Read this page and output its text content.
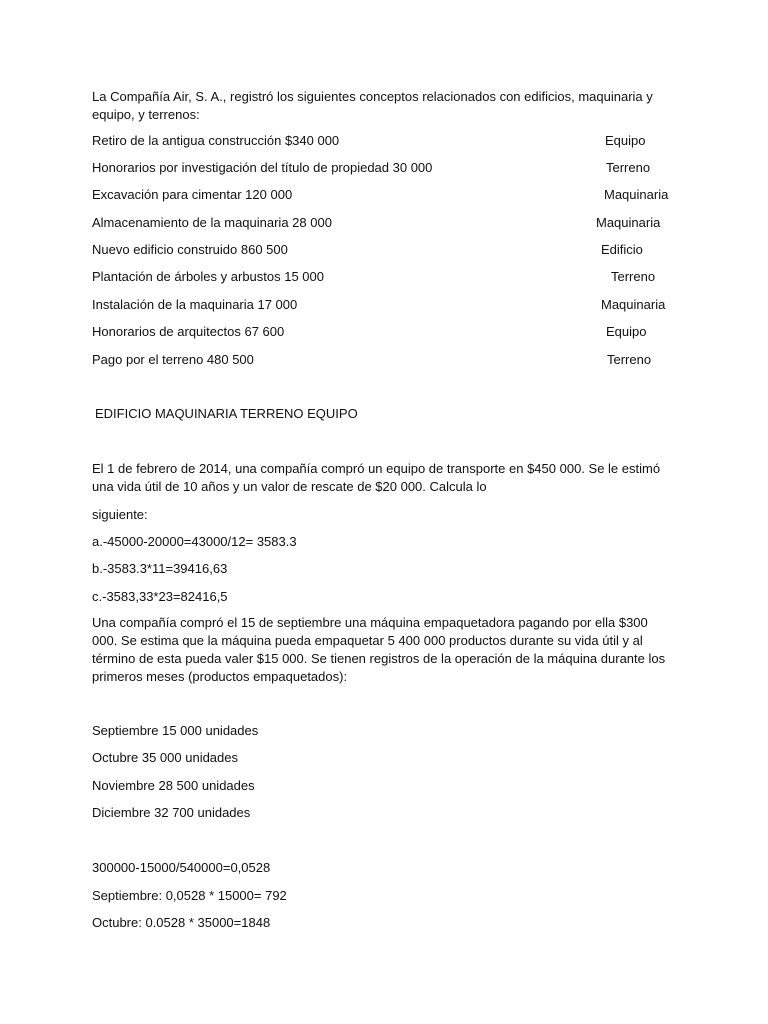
La Compañía Air, S. A., registró los siguientes conceptos relacionados con edificios, maquinaria y
equipo, y terrenos:
Retiro de la antigua construcción $340 000	Equipo
Honorarios por investigación del título de propiedad 30 000	Terreno
Excavación para cimentar 120 000	Maquinaria
Almacenamiento de la maquinaria 28 000	Maquinaria
Nuevo edificio construido 860 500	Edificio
Plantación de árboles y arbustos 15 000	Terreno
Instalación de la maquinaria 17 000	Maquinaria
Honorarios de arquitectos 67 600	Equipo
Pago por el terreno 480 500	Terreno
EDIFICIO MAQUINARIA TERRENO EQUIPO
El 1 de febrero de 2014, una compañía compró un equipo de transporte en $450 000. Se le estimó
una vida útil de 10 años y un valor de rescate de $20 000. Calcula lo
siguiente:
a.-45000-20000=43000/12= 3583.3
b.-3583.3*11=39416,63
c.-3583,33*23=82416,5
Una compañía compró el 15 de septiembre una máquina empaquetadora pagando por ella $300
000. Se estima que la máquina pueda empaquetar 5 400 000 productos durante su vida útil y al
término de esta pueda valer $15 000. Se tienen registros de la operación de la máquina durante los
primeros meses (productos empaquetados):
Septiembre 15 000 unidades
Octubre 35 000 unidades
Noviembre 28 500 unidades
Diciembre 32 700 unidades
300000-15000/540000=0,0528
Septiembre: 0,0528 * 15000= 792
Octubre: 0.0528 * 35000=1848
